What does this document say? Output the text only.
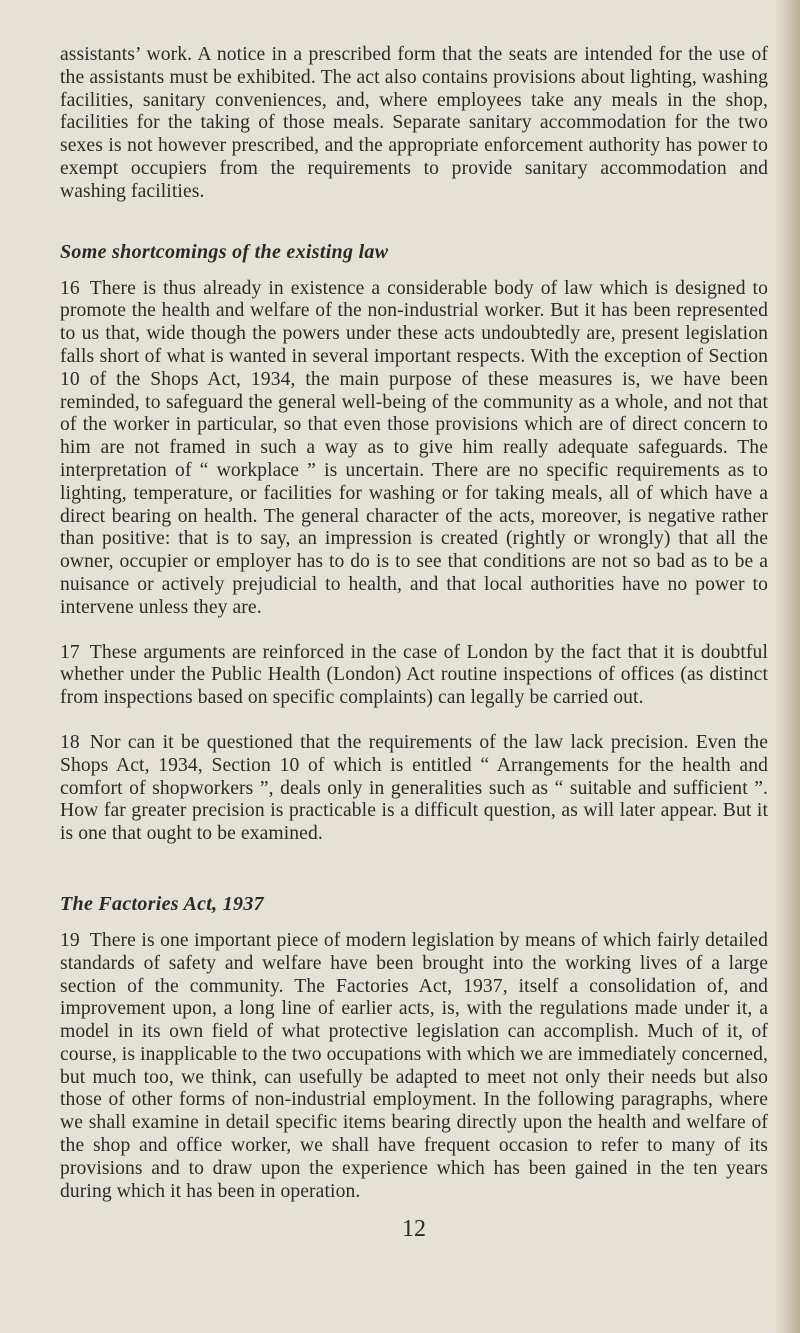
assistants’ work. A notice in a prescribed form that the seats are intended for the use of the assistants must be exhibited. The act also contains provisions about lighting, washing facilities, sanitary conveniences, and, where employees take any meals in the shop, facilities for the taking of those meals. Separate sanitary accommodation for the two sexes is not however prescribed, and the appropriate enforcement authority has power to exempt occupiers from the requirements to provide sanitary accommodation and washing facilities.

Some shortcomings of the existing law

16 There is thus already in existence a considerable body of law which is designed to promote the health and welfare of the non-industrial worker. But it has been represented to us that, wide though the powers under these acts undoubtedly are, present legislation falls short of what is wanted in several important respects. With the exception of Section 10 of the Shops Act, 1934, the main purpose of these measures is, we have been reminded, to safeguard the general well-being of the community as a whole, and not that of the worker in particular, so that even those provisions which are of direct concern to him are not framed in such a way as to give him really adequate safeguards. The interpretation of “ workplace ” is uncertain. There are no specific requirements as to lighting, temperature, or facilities for washing or for taking meals, all of which have a direct bearing on health. The general character of the acts, moreover, is negative rather than positive: that is to say, an impression is created (rightly or wrongly) that all the owner, occupier or employer has to do is to see that conditions are not so bad as to be a nuisance or actively prejudicial to health, and that local authorities have no power to intervene unless they are.

17 These arguments are reinforced in the case of London by the fact that it is doubtful whether under the Public Health (London) Act routine inspections of offices (as distinct from inspections based on specific complaints) can legally be carried out.

18 Nor can it be questioned that the requirements of the law lack precision. Even the Shops Act, 1934, Section 10 of which is entitled “ Arrangements for the health and comfort of shopworkers ”, deals only in generalities such as “ suitable and sufficient ”. How far greater precision is practicable is a difficult question, as will later appear. But it is one that ought to be examined.

The Factories Act, 1937

19 There is one important piece of modern legislation by means of which fairly detailed standards of safety and welfare have been brought into the working lives of a large section of the community. The Factories Act, 1937, itself a consolidation of, and improvement upon, a long line of earlier acts, is, with the regulations made under it, a model in its own field of what protective legislation can accomplish. Much of it, of course, is inapplicable to the two occupations with which we are immediately concerned, but much too, we think, can usefully be adapted to meet not only their needs but also those of other forms of non-industrial employment. In the following paragraphs, where we shall examine in detail specific items bearing directly upon the health and welfare of the shop and office worker, we shall have frequent occasion to refer to many of its provisions and to draw upon the experience which has been gained in the ten years during which it has been in operation.

12
